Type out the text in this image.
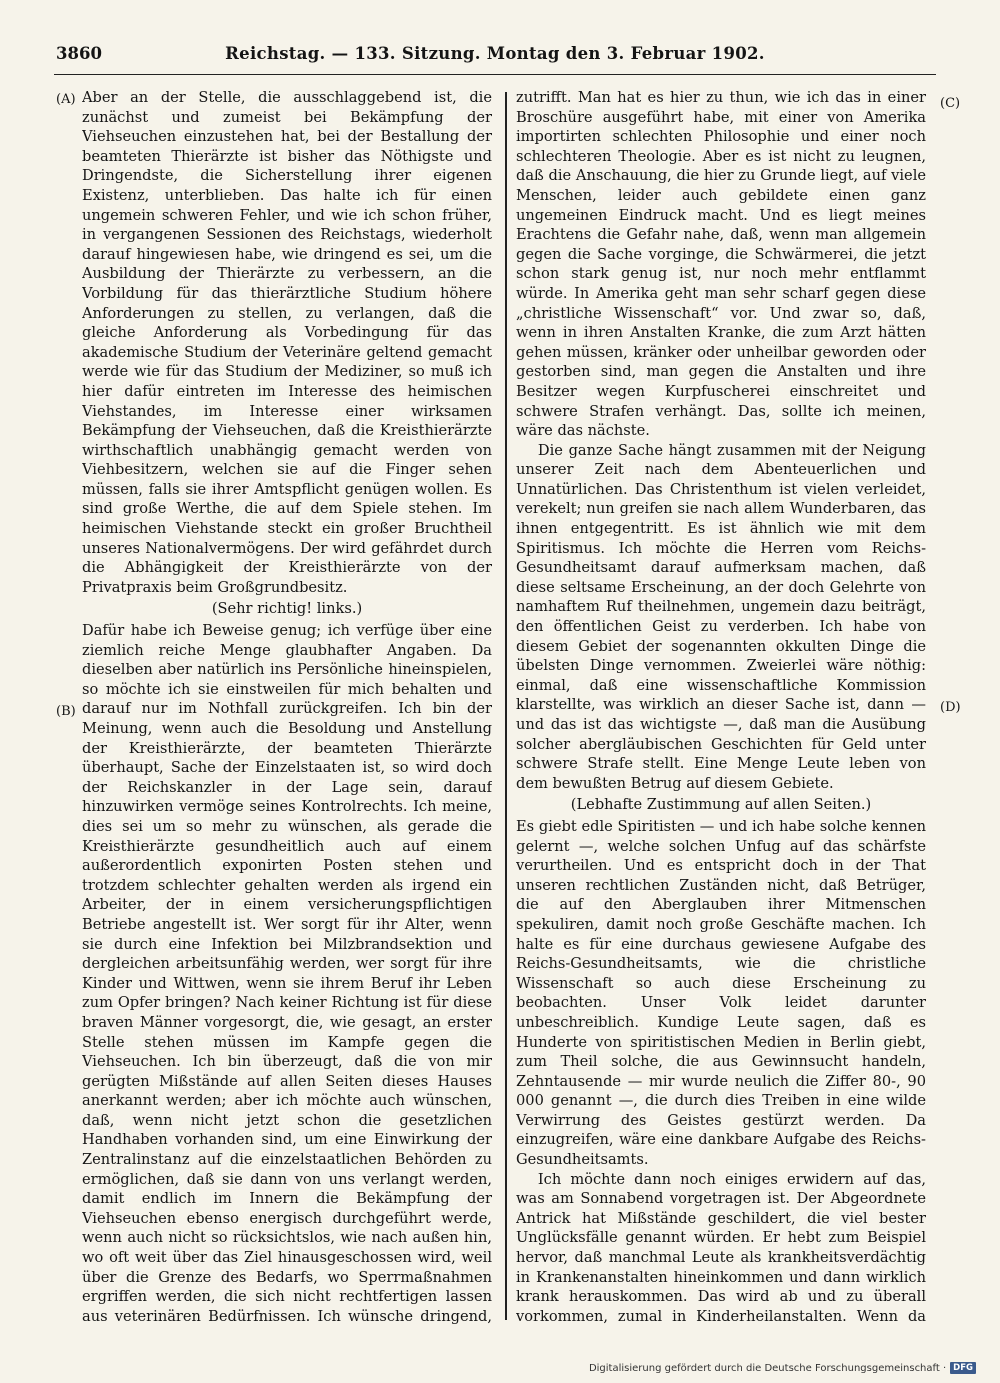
3860	Reichstag. — 133. Sitzung. Montag den 3. Februar 1902.
(A)
(B)
(C)
(D)

Aber an der Stelle, die ausschlaggebend ist, die zunächst und zumeist bei Bekämpfung der Viehseuchen einzustehen hat, bei der Bestallung der beamteten Thierärzte ist bisher das Nöthigste und Dringendste, die Sicherstellung ihrer eigenen Existenz, unterblieben. Das halte ich für einen ungemein schweren Fehler, und wie ich schon früher, in vergangenen Sessionen des Reichstags, wiederholt darauf hingewiesen habe, wie dringend es sei, um die Ausbildung der Thierärzte zu verbessern, an die Vorbildung für das thierärztliche Studium höhere Anforderungen zu stellen, zu verlangen, daß die gleiche Anforderung als Vorbedingung für das akademische Studium der Veterinäre geltend gemacht werde wie für das Studium der Mediziner, so muß ich hier dafür eintreten im Interesse des heimischen Viehstandes, im Interesse einer wirksamen Bekämpfung der Viehseuchen, daß die Kreisthierärzte wirthschaftlich unabhängig gemacht werden von Viehbesitzern, welchen sie auf die Finger sehen müssen, falls sie ihrer Amtspflicht genügen wollen. Es sind große Werthe, die auf dem Spiele stehen. Im heimischen Viehstande steckt ein großer Bruchtheil unseres Nationalvermögens. Der wird gefährdet durch die Abhängigkeit der Kreisthierärzte von der Privatpraxis beim Großgrundbesitz.

(Sehr richtig! links.)

Dafür habe ich Beweise genug; ich verfüge über eine ziemlich reiche Menge glaubhafter Angaben. Da dieselben aber natürlich ins Persönliche hineinspielen, so möchte ich sie einstweilen für mich behalten und darauf nur im Nothfall zurückgreifen. Ich bin der Meinung, wenn auch die Besoldung und Anstellung der Kreisthierärzte, der beamteten Thierärzte überhaupt, Sache der Einzelstaaten ist, so wird doch der Reichskanzler in der Lage sein, darauf hinzuwirken vermöge seines Kontrolrechts. Ich meine, dies sei um so mehr zu wünschen, als gerade die Kreisthierärzte gesundheitlich auch auf einem außerordentlich exponirten Posten stehen und trotzdem schlechter gehalten werden als irgend ein Arbeiter, der in einem versicherungspflichtigen Betriebe angestellt ist. Wer sorgt für ihr Alter, wenn sie durch eine Infektion bei Milzbrandsektion und dergleichen arbeitsunfähig werden, wer sorgt für ihre Kinder und Wittwen, wenn sie ihrem Beruf ihr Leben zum Opfer bringen? Nach keiner Richtung ist für diese braven Männer vorgesorgt, die, wie gesagt, an erster Stelle stehen müssen im Kampfe gegen die Viehseuchen. Ich bin überzeugt, daß die von mir gerügten Mißstände auf allen Seiten dieses Hauses anerkannt werden; aber ich möchte auch wünschen, daß, wenn nicht jetzt schon die gesetzlichen Handhaben vorhanden sind, um eine Einwirkung der Zentralinstanz auf die einzelstaatlichen Behörden zu ermöglichen, daß sie dann von uns verlangt werden, damit endlich im Innern die Bekämpfung der Viehseuchen ebenso energisch durchgeführt werde, wenn auch nicht so rücksichtslos, wie nach außen hin, wo oft weit über das Ziel hinausgeschossen wird, weil über die Grenze des Bedarfs, wo Sperrmaßnahmen ergriffen werden, die sich nicht rechtfertigen lassen aus veterinären Bedürfnissen. Ich wünsche dringend,

zutrifft. Man hat es hier zu thun, wie ich das in einer Broschüre ausgeführt habe, mit einer von Amerika importirten schlechten Philosophie und einer noch schlechteren Theologie. Aber es ist nicht zu leugnen, daß die Anschauung, die hier zu Grunde liegt, auf viele Menschen, leider auch gebildete einen ganz ungemeinen Eindruck macht. Und es liegt meines Erachtens die Gefahr nahe, daß, wenn man allgemein gegen die Sache vorginge, die Schwärmerei, die jetzt schon stark genug ist, nur noch mehr entflammt würde. In Amerika geht man sehr scharf gegen diese „christliche Wissenschaft“ vor. Und zwar so, daß, wenn in ihren Anstalten Kranke, die zum Arzt hätten gehen müssen, kränker oder unheilbar geworden oder gestorben sind, man gegen die Anstalten und ihre Besitzer wegen Kurpfuscherei einschreitet und schwere Strafen verhängt. Das, sollte ich meinen, wäre das nächste.

Die ganze Sache hängt zusammen mit der Neigung unserer Zeit nach dem Abenteuerlichen und Unnatürlichen. Das Christenthum ist vielen verleidet, verekelt; nun greifen sie nach allem Wunderbaren, das ihnen entgegentritt. Es ist ähnlich wie mit dem Spiritismus. Ich möchte die Herren vom Reichs-Gesundheitsamt darauf aufmerksam machen, daß diese seltsame Erscheinung, an der doch Gelehrte von namhaftem Ruf theilnehmen, ungemein dazu beiträgt, den öffentlichen Geist zu verderben. Ich habe von diesem Gebiet der sogenannten okkulten Dinge die übelsten Dinge vernommen. Zweierlei wäre nöthig: einmal, daß eine wissenschaftliche Kommission klarstellte, was wirklich an dieser Sache ist, dann — und das ist das wichtigste —, daß man die Ausübung solcher abergläubischen Geschichten für Geld unter schwere Strafe stellt. Eine Menge Leute leben von dem bewußten Betrug auf diesem Gebiete.

(Lebhafte Zustimmung auf allen Seiten.)

Es giebt edle Spiritisten — und ich habe solche kennen gelernt —, welche solchen Unfug auf das schärfste verurtheilen. Und es entspricht doch in der That unseren rechtlichen Zuständen nicht, daß Betrüger, die auf den Aberglauben ihrer Mitmenschen spekuliren, damit noch große Geschäfte machen. Ich halte es für eine durchaus gewiesene Aufgabe des Reichs-Gesundheitsamts, wie die christliche Wissenschaft so auch diese Erscheinung zu beobachten. Unser Volk leidet darunter unbeschreiblich. Kundige Leute sagen, daß es Hunderte von spiritistischen Medien in Berlin giebt, zum Theil solche, die aus Gewinnsucht handeln, Zehntausende — mir wurde neulich die Ziffer 80-, 90 000 genannt —, die durch dies Treiben in eine wilde Verwirrung des Geistes gestürzt werden. Da einzugreifen, wäre eine dankbare Aufgabe des Reichs-Gesundheitsamts.

Ich möchte dann noch einiges erwidern auf das, was am Sonnabend vorgetragen ist. Der Abgeordnete Antrick hat Mißstände geschildert, die viel bester Unglücksfälle genannt würden. Er hebt zum Beispiel hervor, daß manchmal Leute als krankheitsverdächtig in Krankenanstalten hineinkommen und dann wirklich krank herauskommen. Das wird ab und zu überall vorkommen, zumal in Kinderheilanstalten. Wenn da

Digitalisierung gefördert durch die Deutsche Forschungsgemeinschaft · DFG
